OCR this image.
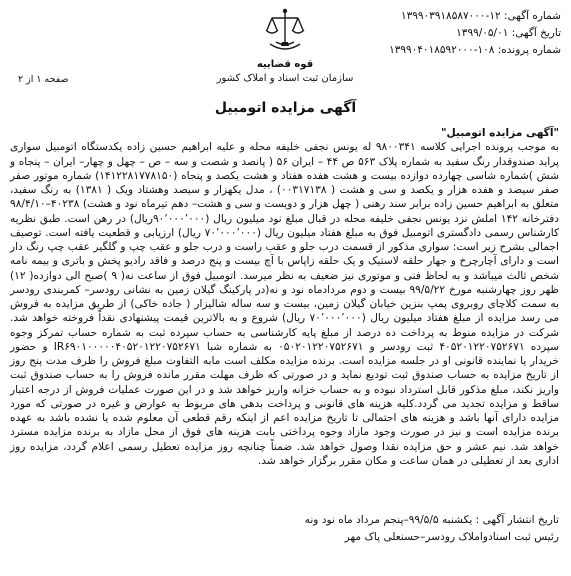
شماره آگهی: ۱۲-۱۳۹۹۰۳۹۱۸۵۸۷۰۰۰
تاریخ آگهی: ۱۳۹۹/۰۵/۰۱
شماره پرونده: ۱۰۸-۱۳۹۹۰۴۰۱۸۵۹۲۰۰۰
قوه قضاییه
سازمان ثبت اسناد و املاک کشور
صفحه ۱ از ۲
آگهی مزایده اتومبیل
"آگهی مزایده اتومبیل"
به موجب پرونده اجرایی کلاسه ۹۸۰۰۳۴۱ له یونس نجفی خلیفه محله و علیه ابراهیم حسین زاده یکدستگاه اتومبیل سواری پراید صندوقدار رنگ سفید به شماره پلاک ۵۶۳ ص ۴۴ – ایران ۵۶ ( پانصد و شصت و سه – ص – چهل و چهار– ایران – پنجاه و شش )شماره شاسی چهارده دوازده بیست و هشت هفده هفتاد و هشت یکصد و پنجاه (۱۴۱۲۲۸۱۷۷۸۱۵۰) شماره موتور صفر صفر سیصد و هفده هزار و یکصد و سی و هشت ( ۰۰۳۱۷۱۳۸) ، مدل یکهزار و سیصد وهشتاد ویک ( ۱۳۸۱) به رنگ سفید، متعلق به ابراهیم حسین زاده برابر سند رهنی ( چهل هزار و دویست و سی و هشت– دهم تیرماه نود و هشت) ۴۰۲۳۸–۹۸/۴/۱۰ دفترخانه ۱۴۲ املش نزد یونس نجفی خلیفه محله در قبال مبلغ نود میلیون ریال (۹۰٬۰۰۰٬۰۰۰ریال) در رهن است. طبق نظریه کارشناس رسمی دادگستری اتومبیل فوق به مبلغ هفتاد میلیون ریال (۷۰٬۰۰۰٬۰۰۰ ریال) ارزیابی و قطعیت یافته است. توصیف اجمالی بشرح زیر است: سواری مذکور از قسمت درب جلو و عقب راست و درب جلو و عقب چپ و گلگیر عقب چپ رنگ دار است و دارای آچارچرخ و جهار حلقه لاستیک و یک حلقه زاپاس با آچ بیست و پنج درصد و فاقد رادیو پخش و باتری و بیمه نامه شخص ثالث میباشد و به لحاظ فنی و موتوری نیز ضعیف به نظر میرسد. اتومبیل فوق از ساعت نه( ۹ )صبح الی دوازده( ۱۲) ظهر روز چهارشنبه مورخ ۹۹/۵/۲۲ بیست و دوم مردادماه نود و نه(در پارکینگ گیلان زمین به نشانی رودسر– کمربندی رودسر به سمت کلاچای روبروی پمپ بنزین خیابان گیلان زمین، بیست و سه ساله شالیزار ( جاده خاکی) از طریق مزایده به فروش می رسد مزایده از مبلغ هفتاد میلیون ریال (۷۰٬۰۰۰٬۰۰۰ ریال) شروع و به بالاترین قیمت پیشنهادی نقداً فروخته خواهد شد. شرکت در مزایده منوط به پرداخت ده درصد از مبلغ پایه کارشناسی به حساب سپرده ثبت به شماره حساب تمرکز وجوه سپرده ۴۰۵۲۰۱۲۲۰۷۵۲۶۷۱ ثبت رودسر و ۰۵۰۲۰۱۲۲۰۷۵۲۶۷۱ به شماره شبا IR۶۹۰۱۰۰۰۰۰۴۰۵۲۰۱۲۲۰۷۵۲۶۷۱ و حضور خریدار یا نماینده قانونی او در جلسه مزایده است. برنده مزایده مکلف است مابه التفاوت مبلغ فروش را ظرف مدت پنج روز از تاریخ مزایده به حساب صندوق ثبت تودیع نماید و در صورتی که ظرف مهلت مقرر مانده فروش را به حساب صندوق ثبت واریز نکند، مبلغ مذکور قابل استرداد نبوده و به حساب خزانه واریز خواهد شد و در این صورت عملیات فروش از درجه اعتبار ساقط و مزایده تجدید می گردد.کلیه هزینه های قانونی و پرداخت بدهی های مربوط به عوارض و غیره در صورتی که مورد مزایده دارای آنها باشد و هزینه های احتمالی تا تاریخ مزایده اعم از اینکه رقم قطعی آن معلوم شده یا نشده باشد به عهده برنده مزایده است و نیز در صورت وجود مازاد وجوه پرداختی بابت هزینه های فوق از محل مازاد به برنده مزایده مسترد خواهد شد. نیم عشر و حق مزایده نقدا وصول خواهد شد. ضمناً چنانچه روز مزایده تعطیل رسمی اعلام گردد، مزایده روز اداری بعد از تعطیلی در همان ساعت و مکان مقرر برگزار خواهد شد.
تاریخ انتشار آگهی : یکشنبه ۹۹/۵/۵–پنجم مرداد ماه نود ونه
رئیس ثبت اسنادواملاک رودسر–حسنعلی پاک مهر
